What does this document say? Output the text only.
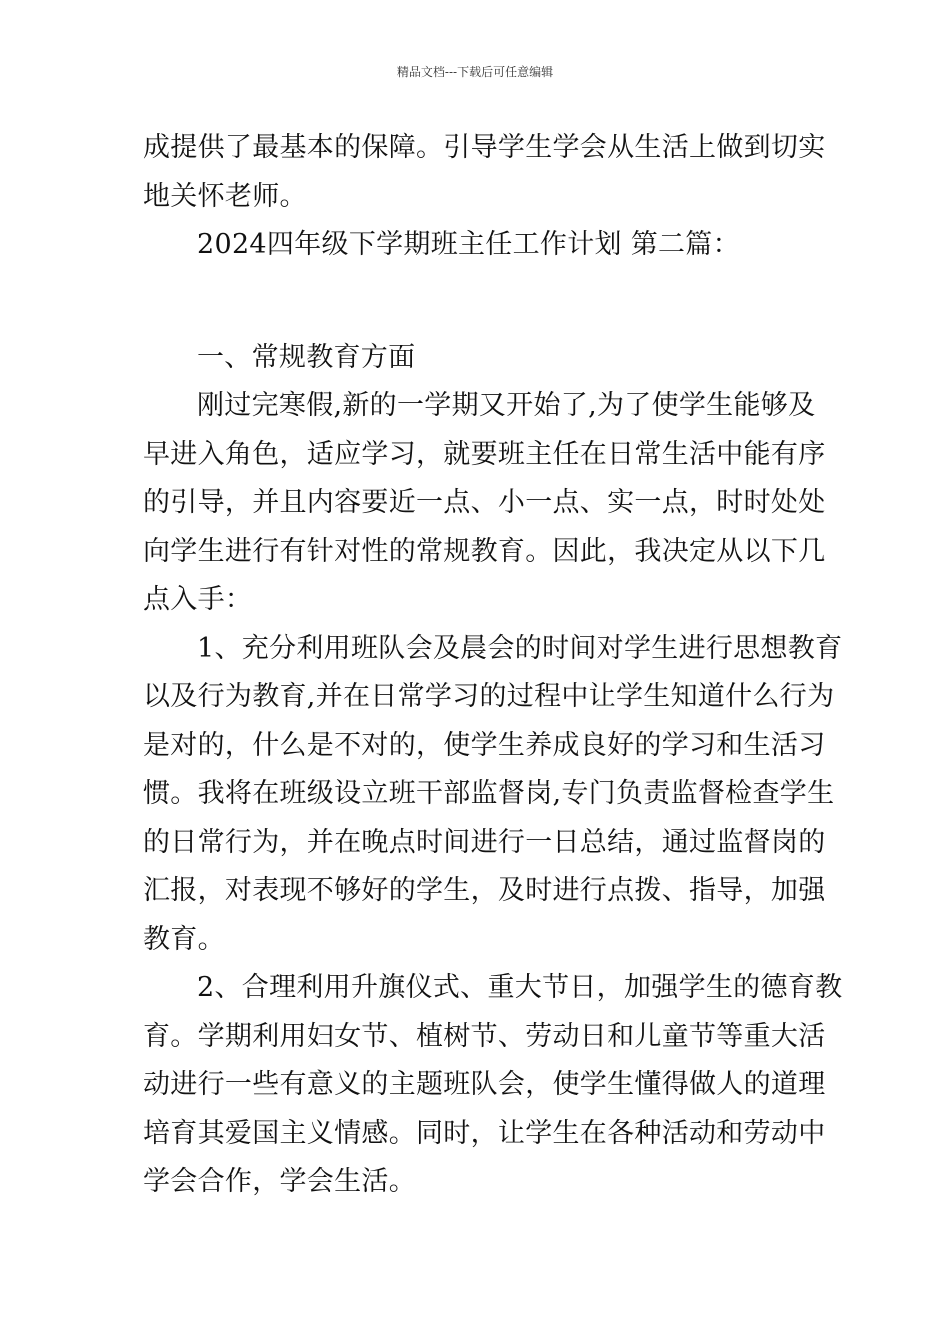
精品文档---下载后可任意编辑
成提供了最基本的保障。引导学生学会从生活上做到切实
地关怀老师。
2024四年级下学期班主任工作计划 第二篇：
一、常规教育方面
刚过完寒假,新的一学期又开始了,为了使学生能够及
早进入角色，适应学习，就要班主任在日常生活中能有序
的引导，并且内容要近一点、小一点、实一点，时时处处
向学生进行有针对性的常规教育。因此，我决定从以下几
点入手：
1、充分利用班队会及晨会的时间对学生进行思想教育
以及行为教育,并在日常学习的过程中让学生知道什么行为
是对的，什么是不对的，使学生养成良好的学习和生活习
惯。我将在班级设立班干部监督岗,专门负责监督检查学生
的日常行为，并在晚点时间进行一日总结，通过监督岗的
汇报，对表现不够好的学生，及时进行点拨、指导，加强
教育。
2、合理利用升旗仪式、重大节日，加强学生的德育教
育。学期利用妇女节、植树节、劳动日和儿童节等重大活
动进行一些有意义的主题班队会，使学生懂得做人的道理
培育其爱国主义情感。同时，让学生在各种活动和劳动中
学会合作，学会生活。
